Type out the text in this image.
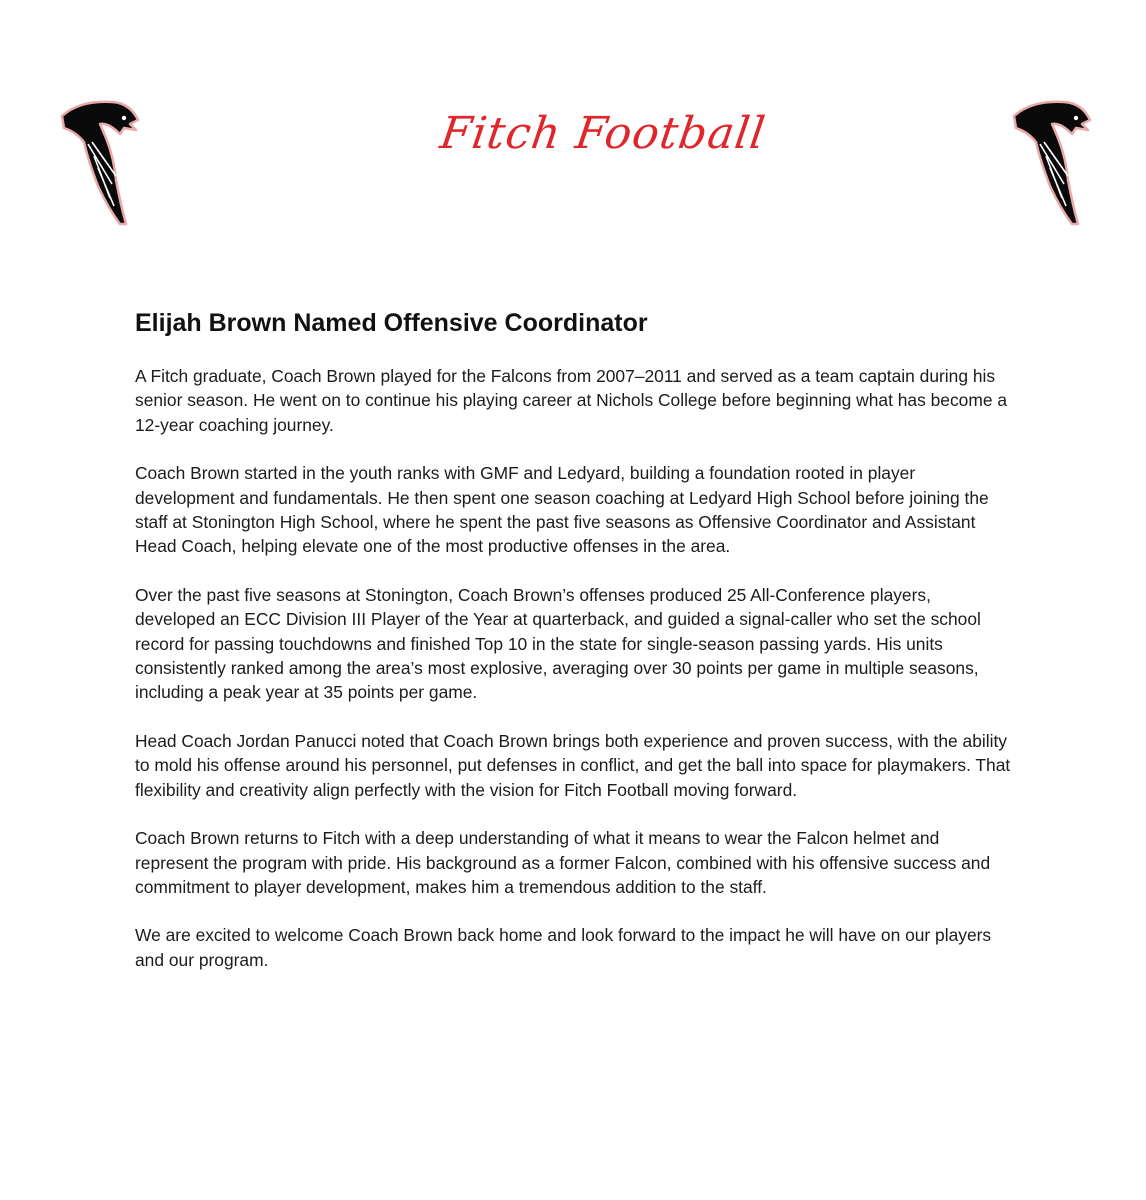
Fitch Football
Elijah Brown Named Offensive Coordinator

A Fitch graduate, Coach Brown played for the Falcons from 2007–2011 and served as a team captain during his senior season. He went on to continue his playing career at Nichols College before beginning what has become a 12-year coaching journey.

Coach Brown started in the youth ranks with GMF and Ledyard, building a foundation rooted in player development and fundamentals. He then spent one season coaching at Ledyard High School before joining the staff at Stonington High School, where he spent the past five seasons as Offensive Coordinator and Assistant Head Coach, helping elevate one of the most productive offenses in the area.

Over the past five seasons at Stonington, Coach Brown’s offenses produced 25 All-Conference players, developed an ECC Division III Player of the Year at quarterback, and guided a signal-caller who set the school record for passing touchdowns and finished Top 10 in the state for single-season passing yards. His units consistently ranked among the area’s most explosive, averaging over 30 points per game in multiple seasons, including a peak year at 35 points per game.

Head Coach Jordan Panucci noted that Coach Brown brings both experience and proven success, with the ability to mold his offense around his personnel, put defenses in conflict, and get the ball into space for playmakers. That flexibility and creativity align perfectly with the vision for Fitch Football moving forward.

Coach Brown returns to Fitch with a deep understanding of what it means to wear the Falcon helmet and represent the program with pride. His background as a former Falcon, combined with his offensive success and commitment to player development, makes him a tremendous addition to the staff.

We are excited to welcome Coach Brown back home and look forward to the impact he will have on our players and our program.
